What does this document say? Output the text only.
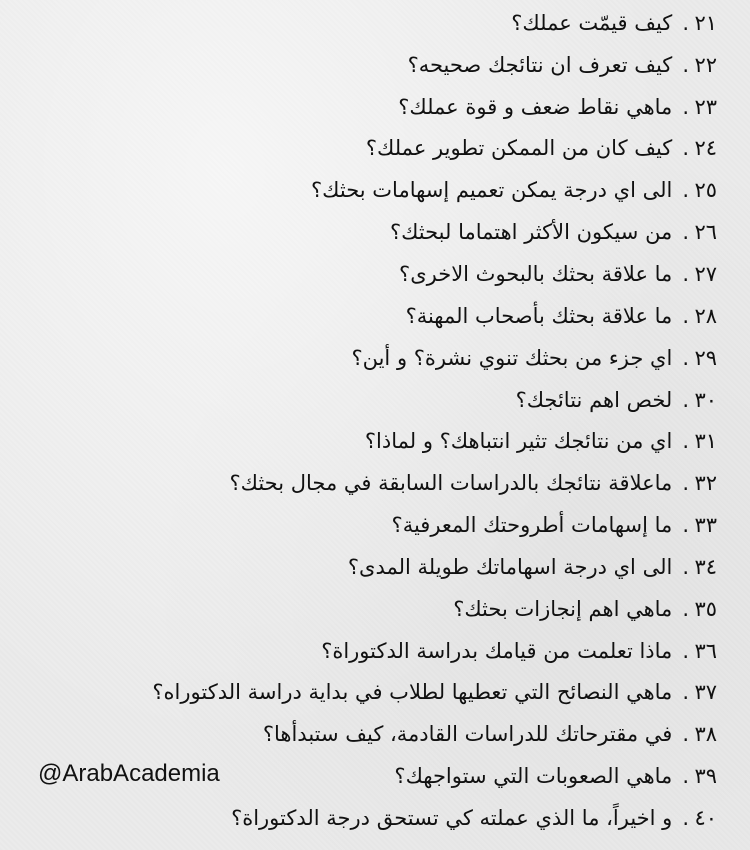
٢١
.
كيف قيمّت عملك؟
٢٢
.
كيف تعرف ان نتائجك صحيحه؟
٢٣
.
ماهي نقاط ضعف و قوة عملك؟
٢٤
.
كيف كان من الممكن تطوير عملك؟
٢٥
.
الى اي درجة يمكن تعميم إسهامات بحثك؟
٢٦
.
من سيكون الأكثر اهتماما لبحثك؟
٢٧
.
ما علاقة بحثك بالبحوث الاخرى؟
٢٨
.
ما علاقة بحثك بأصحاب المهنة؟
٢٩
.
اي جزء من بحثك تنوي نشرة؟ و أين؟
٣٠
.
لخص اهم نتائجك؟
٣١
.
اي من نتائجك تثير انتباهك؟ و لماذا؟
٣٢
.
ماعلاقة نتائجك بالدراسات السابقة في مجال بحثك؟
٣٣
.
ما إسهامات أطروحتك المعرفية؟
٣٤
.
الى اي درجة اسهاماتك طويلة المدى؟
٣٥
.
ماهي اهم إنجازات بحثك؟
٣٦
.
ماذا تعلمت من قيامك بدراسة الدكتوراة؟
٣٧
.
ماهي النصائح التي تعطيها لطلاب في بداية دراسة الدكتوراه؟
٣٨
.
في مقترحاتك للدراسات القادمة، كيف ستبدأها؟
٣٩
.
ماهي الصعوبات التي ستواجهك؟
٤٠
.
و اخيراً، ما الذي عملته كي تستحق درجة الدكتوراة؟
@ArabAcademia
